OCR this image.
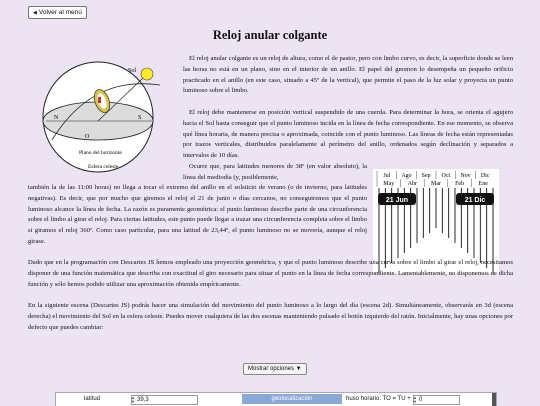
◀ Volver al menú
Reloj anular colgante
Sol
N	S
O
Plano del horizonte
Esfera celeste
Jul Ago Sep Oct Nov Dic
May Abr Mar Feb Ene
21 Jun	21 Dic

El reloj anular colgante es un reloj de altura, como el de pastor, pero con limbo curvo, es decir, la superficie donde se leen las horas no está en un plano, sino en el interior de un anillo. El papel del gnomon lo desempeña un pequeño orificio practicado en el anillo (en este caso, situado a 45º de la vertical), que permite el paso de la luz solar y proyecta un punto luminoso sobre el limbo.

El reloj debe mantenerse en posición vertical suspendido de una cuerda. Para determinar la hora, se orienta el agujero hacia el Sol hasta conseguir que el punto luminoso incida en la línea de fecha correspondiente. En ese momento, se observa qué línea horaria, de manera precisa o aproximada, coincide con el punto luminoso. Las líneas de fecha están representadas por trazos verticales, distribuidos paralelamente al perímetro del anillo, ordenados según declinación y separados a intervalos de 10 días.

Ocurre que, para latitudes menores de 38º (en valor absoluto), la línea del mediodía (y, posiblemente,

también la de las 11:00 horas) no llega a tocar el extremo del anillo en el solsticio de verano (o de invierno, para latitudes negativas). Es decir, que por mucho que giremos el reloj el 21 de junio o días cercanos, no conseguiremos que el punto luminoso alcance la línea de fecha. La razón es puramente geométrica: el punto luminoso describe parte de una circunferencia sobre el limbo al girar el reloj. Para ciertas latitudes, este punto puede llegar a trazar una circunferencia completa sobre el limbo si giramos el reloj 360º. Como caso particular, para una latitud de 23,44º, el punto luminoso no se movería, aunque el reloj girase.

Dado que en la programación con Descartes JS hemos empleado una proyección geométrica, y que el punto luminoso describe una curva sobre el limbo al girar el reloj, necesitamos disponer de una función matemática que describa con exactitud el giro necesario para situar el punto en la línea de fecha correspondiente. Lamentablemente, no disponemos de dicha función y sólo hemos podido utilizar una aproximación obtenida empíricamente.

En la siguiente escena (Descartes JS) podrás hacer una simulación del movimiento del punto luminoso a lo largo del día (escena 2d). Simultáneamente, observarás en 3d (escena derecha) el movimiento del Sol en la esfera celeste. Puedes mover cualquiera de las dos escenas manteniendo pulsado el botón izquierdo del ratón. Inicialmente, hay unas opciones por defecto que puedes cambiar:

Mostrar opciones ▼
latitud	▲
▼ 39,3	geolocalización	huso horario: TO = TU + ▲
▼ 0
